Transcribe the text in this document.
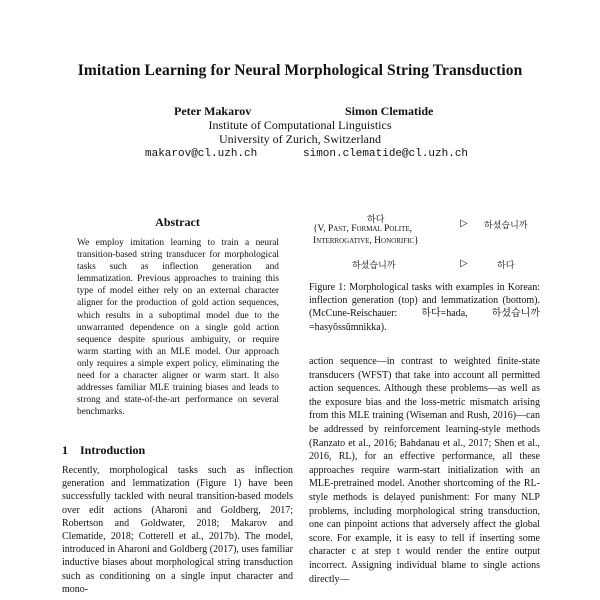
Imitation Learning for Neural Morphological String Transduction
Peter Makarov	Simon Clematide
Institute of Computational Linguistics
University of Zurich, Switzerland
makarov@cl.uzh.ch	simon.clematide@cl.uzh.ch
Abstract
We employ imitation learning to train a neural transition-based string transducer for morphological tasks such as inflection generation and lemmatization. Previous approaches to training this type of model either rely on an external character aligner for the production of gold action sequences, which results in a suboptimal model due to the unwarranted dependence on a single gold action sequence despite spurious ambiguity, or require warm starting with an MLE model. Our approach only requires a simple expert policy, eliminating the need for a character aligner or warm start. It also addresses familiar MLE training biases and leads to strong and state-of-the-art performance on several benchmarks.
1 Introduction
Recently, morphological tasks such as inflection generation and lemmatization (Figure 1) have been successfully tackled with neural transition-based models over edit actions (Aharoni and Goldberg, 2017; Robertson and Goldwater, 2018; Makarov and Clematide, 2018; Cotterell et al., 2017b). The model, introduced in Aharoni and Goldberg (2017), uses familiar inductive biases about morphological string transduction such as conditioning on a single input character and mono-
하다	▷ 하셨습니까
{V, Past, Formal Polite,
Interrogative, Honorific}
하셨습니까	▷	하다
Figure 1: Morphological tasks with examples in Korean: inflection generation (top) and lemmatization (bottom). (McCune-Reischauer: 하다=hada, 하셨습니까=hasyŏssŭmnikka).
action sequence—in contrast to weighted finite-state transducers (WFST) that take into account all permitted action sequences. Although these problems—as well as the exposure bias and the loss-metric mismatch arising from this MLE training (Wiseman and Rush, 2016)—can be addressed by reinforcement learning-style methods (Ranzato et al., 2016; Bahdanau et al., 2017; Shen et al., 2016, RL), for an effective performance, all these approaches require warm-start initialization with an MLE-pretrained model. Another shortcoming of the RL-style methods is delayed punishment: For many NLP problems, including morphological string transduction, one can pinpoint actions that adversely affect the global score. For example, it is easy to tell if inserting some character c at step t would render the entire output incorrect. Assigning individual blame to single actions directly—
